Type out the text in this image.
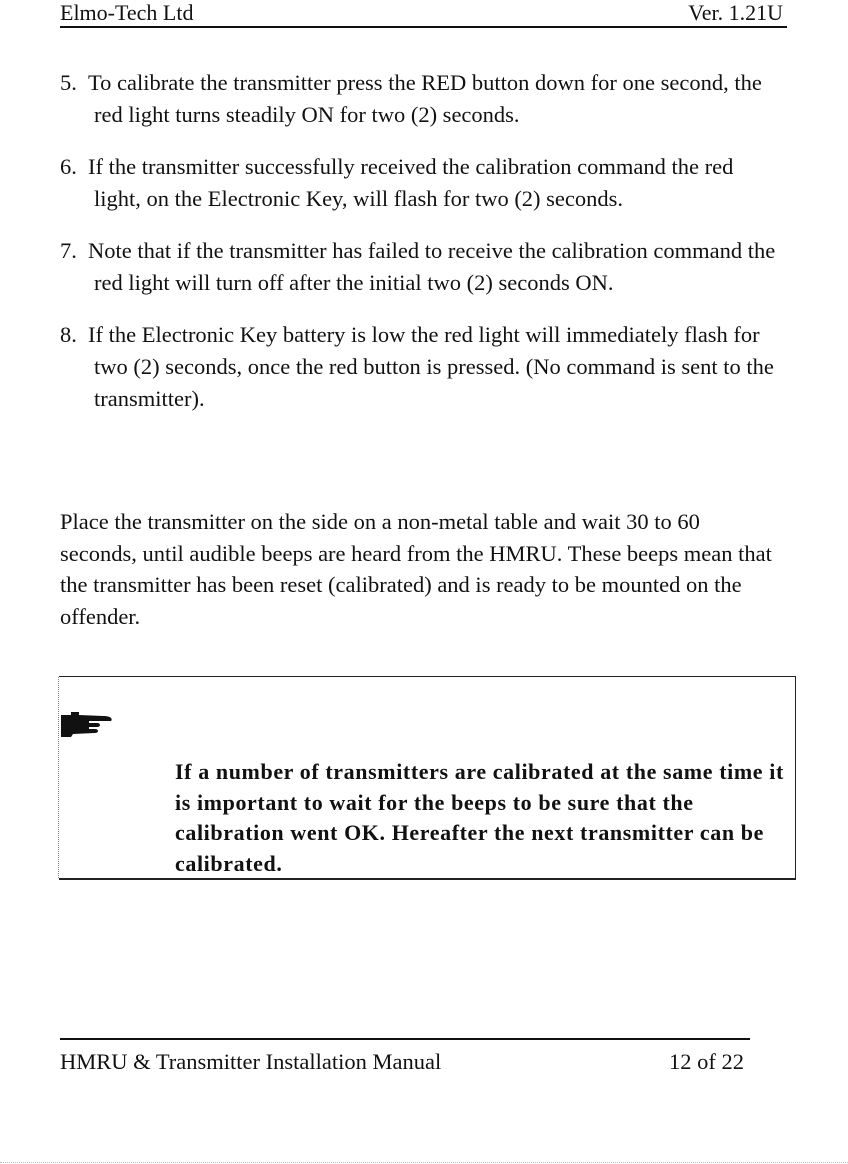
Elmo-Tech Ltd	Ver. 1.21U
5. To calibrate the transmitter press the RED button down for one second, the red light turns steadily ON for two (2) seconds.
6. If the transmitter successfully received the calibration command the red light, on the Electronic Key, will flash for two (2) seconds.
7. Note that if the transmitter has failed to receive the calibration command the red light will turn off after the initial two (2) seconds ON.
8. If the Electronic Key battery is low the red light will immediately flash for two (2) seconds, once the red button is pressed. (No command is sent to the transmitter).

Place the transmitter on the side on a non-metal table and wait 30 to 60 seconds, until audible beeps are heard from the HMRU. These beeps mean that the transmitter has been reset (calibrated) and is ready to be mounted on the offender.

If a number of transmitters are calibrated at the same time it is important to wait for the beeps to be sure that the calibration went OK. Hereafter the next transmitter can be calibrated.
HMRU & Transmitter Installation Manual	12 of 22
